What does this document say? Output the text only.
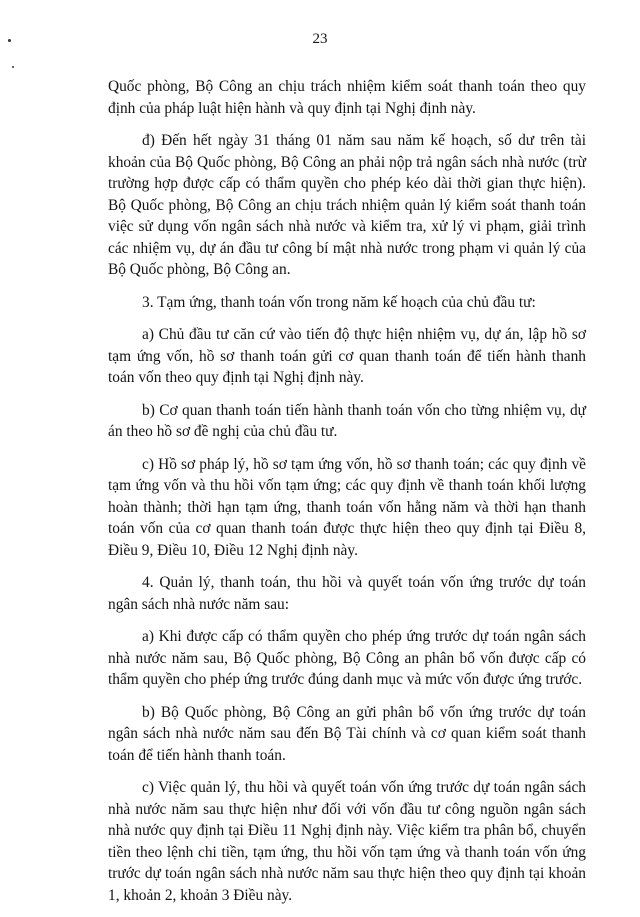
23

Quốc phòng, Bộ Công an chịu trách nhiệm kiểm soát thanh toán theo quy định của pháp luật hiện hành và quy định tại Nghị định này.

đ) Đến hết ngày 31 tháng 01 năm sau năm kế hoạch, số dư trên tài khoản của Bộ Quốc phòng, Bộ Công an phải nộp trả ngân sách nhà nước (trừ trường hợp được cấp có thẩm quyền cho phép kéo dài thời gian thực hiện). Bộ Quốc phòng, Bộ Công an chịu trách nhiệm quản lý kiểm soát thanh toán việc sử dụng vốn ngân sách nhà nước và kiểm tra, xử lý vi phạm, giải trình các nhiệm vụ, dự án đầu tư công bí mật nhà nước trong phạm vi quản lý của Bộ Quốc phòng, Bộ Công an.

3. Tạm ứng, thanh toán vốn trong năm kế hoạch của chủ đầu tư:

a) Chủ đầu tư căn cứ vào tiến độ thực hiện nhiệm vụ, dự án, lập hồ sơ tạm ứng vốn, hồ sơ thanh toán gửi cơ quan thanh toán để tiến hành thanh toán vốn theo quy định tại Nghị định này.

b) Cơ quan thanh toán tiến hành thanh toán vốn cho từng nhiệm vụ, dự án theo hồ sơ đề nghị của chủ đầu tư.

c) Hồ sơ pháp lý, hồ sơ tạm ứng vốn, hồ sơ thanh toán; các quy định về tạm ứng vốn và thu hồi vốn tạm ứng; các quy định về thanh toán khối lượng hoàn thành; thời hạn tạm ứng, thanh toán vốn hằng năm và thời hạn thanh toán vốn của cơ quan thanh toán được thực hiện theo quy định tại Điều 8, Điều 9, Điều 10, Điều 12 Nghị định này.

4. Quản lý, thanh toán, thu hồi và quyết toán vốn ứng trước dự toán ngân sách nhà nước năm sau:

a) Khi được cấp có thẩm quyền cho phép ứng trước dự toán ngân sách nhà nước năm sau, Bộ Quốc phòng, Bộ Công an phân bổ vốn được cấp có thẩm quyền cho phép ứng trước đúng danh mục và mức vốn được ứng trước.

b) Bộ Quốc phòng, Bộ Công an gửi phân bổ vốn ứng trước dự toán ngân sách nhà nước năm sau đến Bộ Tài chính và cơ quan kiểm soát thanh toán để tiến hành thanh toán.

c) Việc quản lý, thu hồi và quyết toán vốn ứng trước dự toán ngân sách nhà nước năm sau thực hiện như đối với vốn đầu tư công nguồn ngân sách nhà nước quy định tại Điều 11 Nghị định này. Việc kiểm tra phân bổ, chuyển tiền theo lệnh chi tiền, tạm ứng, thu hồi vốn tạm ứng và thanh toán vốn ứng trước dự toán ngân sách nhà nước năm sau thực hiện theo quy định tại khoản 1, khoản 2, khoản 3 Điều này.
